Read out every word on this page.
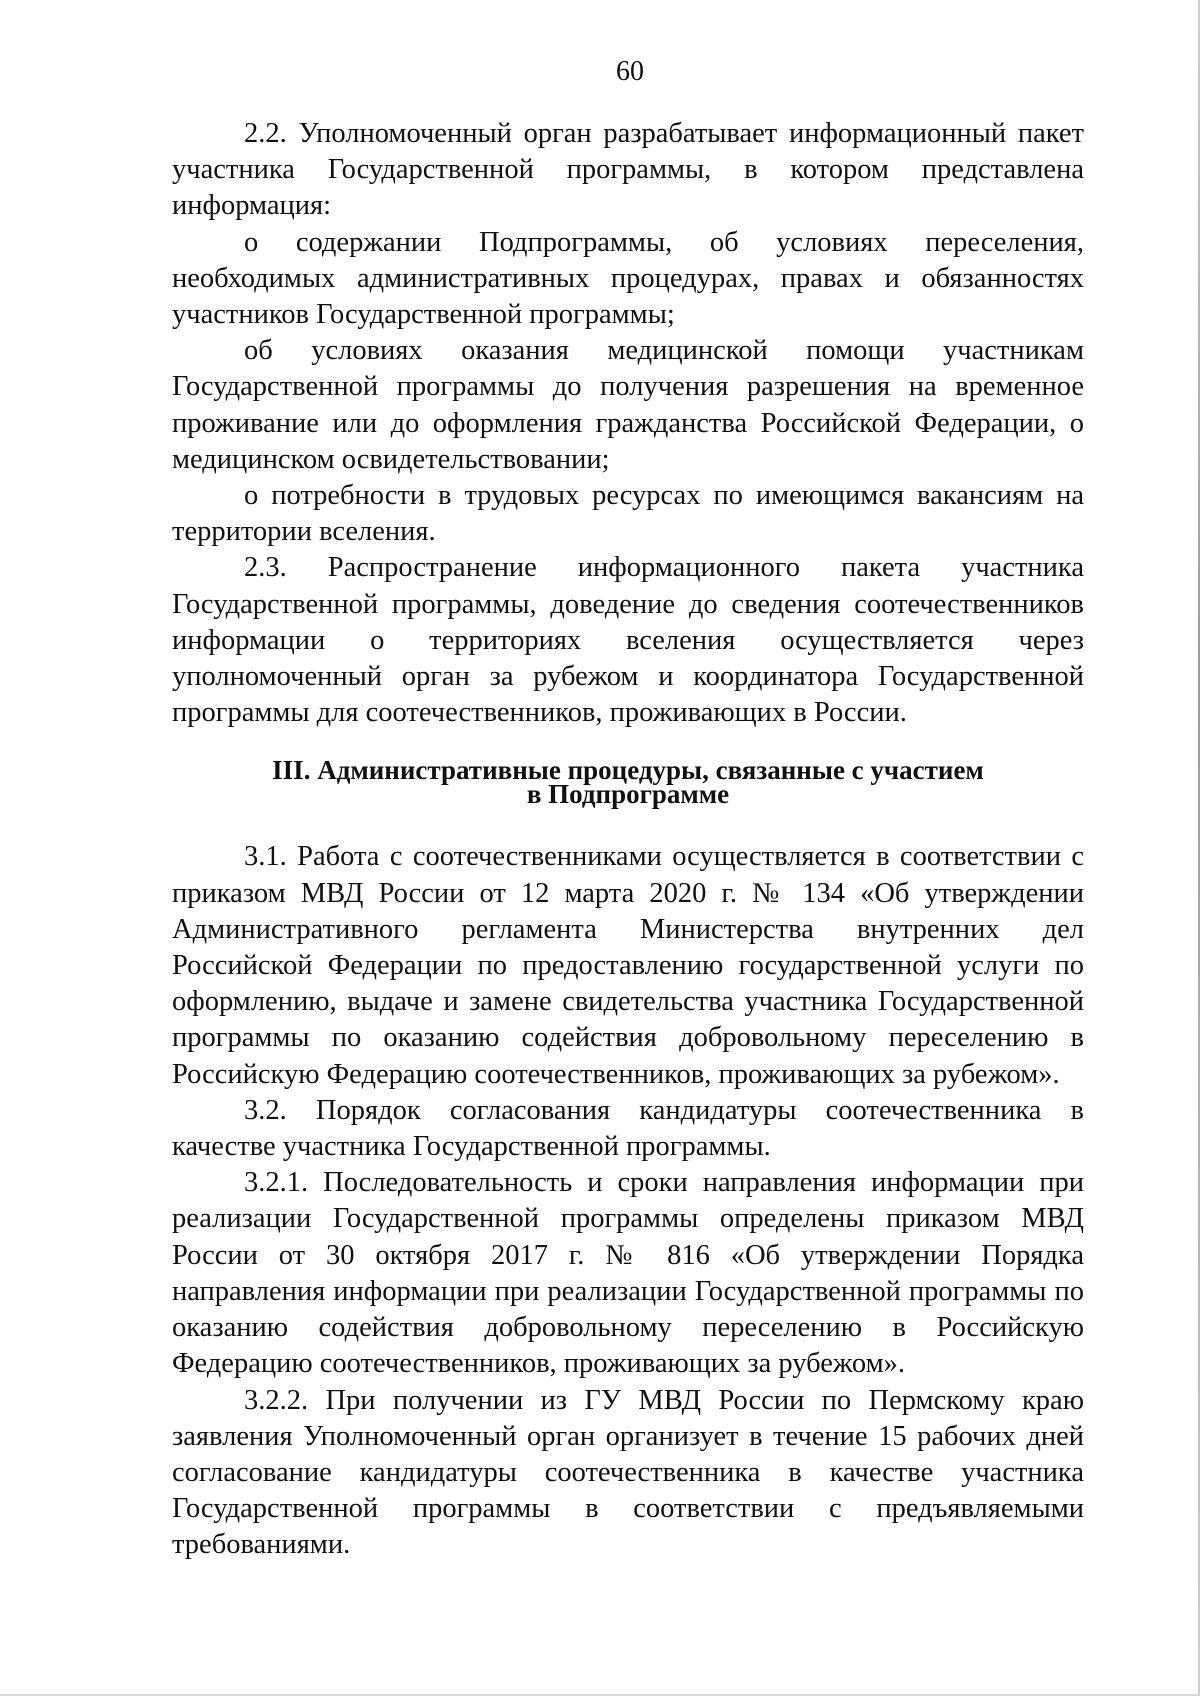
60

2.2. Уполномоченный орган разрабатывает информационный пакет участника Государственной программы, в котором представлена информация:

о содержании Подпрограммы, об условиях переселения, необходимых административных процедурах, правах и обязанностях участников Государственной программы;

об условиях оказания медицинской помощи участникам Государственной программы до получения разрешения на временное проживание или до оформления гражданства Российской Федерации, о медицинском освидетельствовании;

о потребности в трудовых ресурсах по имеющимся вакансиям на территории вселения.

2.3. Распространение информационного пакета участника Государственной программы, доведение до сведения соотечественников информации о территориях вселения осуществляется через уполномоченный орган за рубежом и координатора Государственной программы для соотечественников, проживающих в России.

III. Административные процедуры, связанные с участием
в Подпрограмме

3.1. Работа с соотечественниками осуществляется в соответствии с приказом МВД России от 12 марта 2020 г. № 134 «Об утверждении Административного регламента Министерства внутренних дел Российской Федерации по предоставлению государственной услуги по оформлению, выдаче и замене свидетельства участника Государственной программы по оказанию содействия добровольному переселению в Российскую Федерацию соотечественников, проживающих за рубежом».

3.2. Порядок согласования кандидатуры соотечественника в качестве участника Государственной программы.

3.2.1. Последовательность и сроки направления информации при реализации Государственной программы определены приказом МВД России от 30 октября 2017 г. № 816 «Об утверждении Порядка направления информации при реализации Государственной программы по оказанию содействия добровольному переселению в Российскую Федерацию соотечественников, проживающих за рубежом».

3.2.2. При получении из ГУ МВД России по Пермскому краю заявления Уполномоченный орган организует в течение 15 рабочих дней согласование кандидатуры соотечественника в качестве участника Государственной программы в соответствии с предъявляемыми требованиями.
